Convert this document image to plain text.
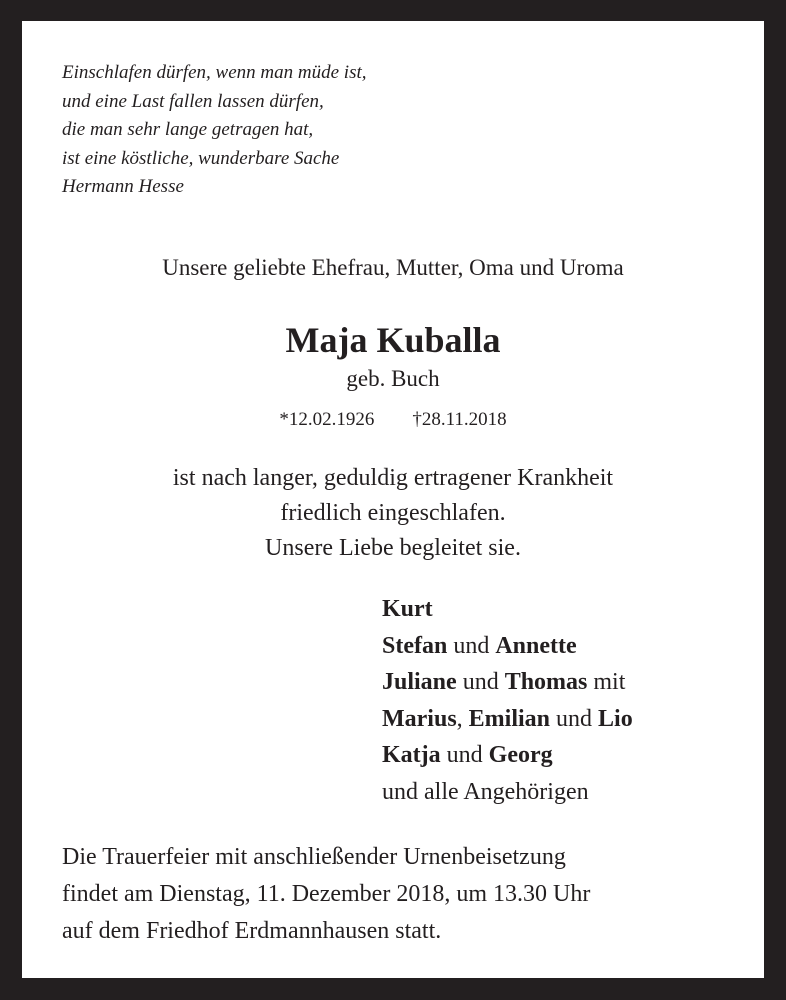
Einschlafen dürfen, wenn man müde ist,
und eine Last fallen lassen dürfen,
die man sehr lange getragen hat,
ist eine köstliche, wunderbare Sache
Hermann Hesse
Unsere geliebte Ehefrau, Mutter, Oma und Uroma
Maja Kuballa
geb. Buch
*12.02.1926 †28.11.2018
ist nach langer, geduldig ertragener Krankheit
friedlich eingeschlafen.
Unsere Liebe begleitet sie.
Kurt
Stefan und Annette
Juliane und Thomas mit
Marius, Emilian und Lio
Katja und Georg
und alle Angehörigen
Die Trauerfeier mit anschließender Urnenbeisetzung
findet am Dienstag, 11. Dezember 2018, um 13.30 Uhr
auf dem Friedhof Erdmannhausen statt.
